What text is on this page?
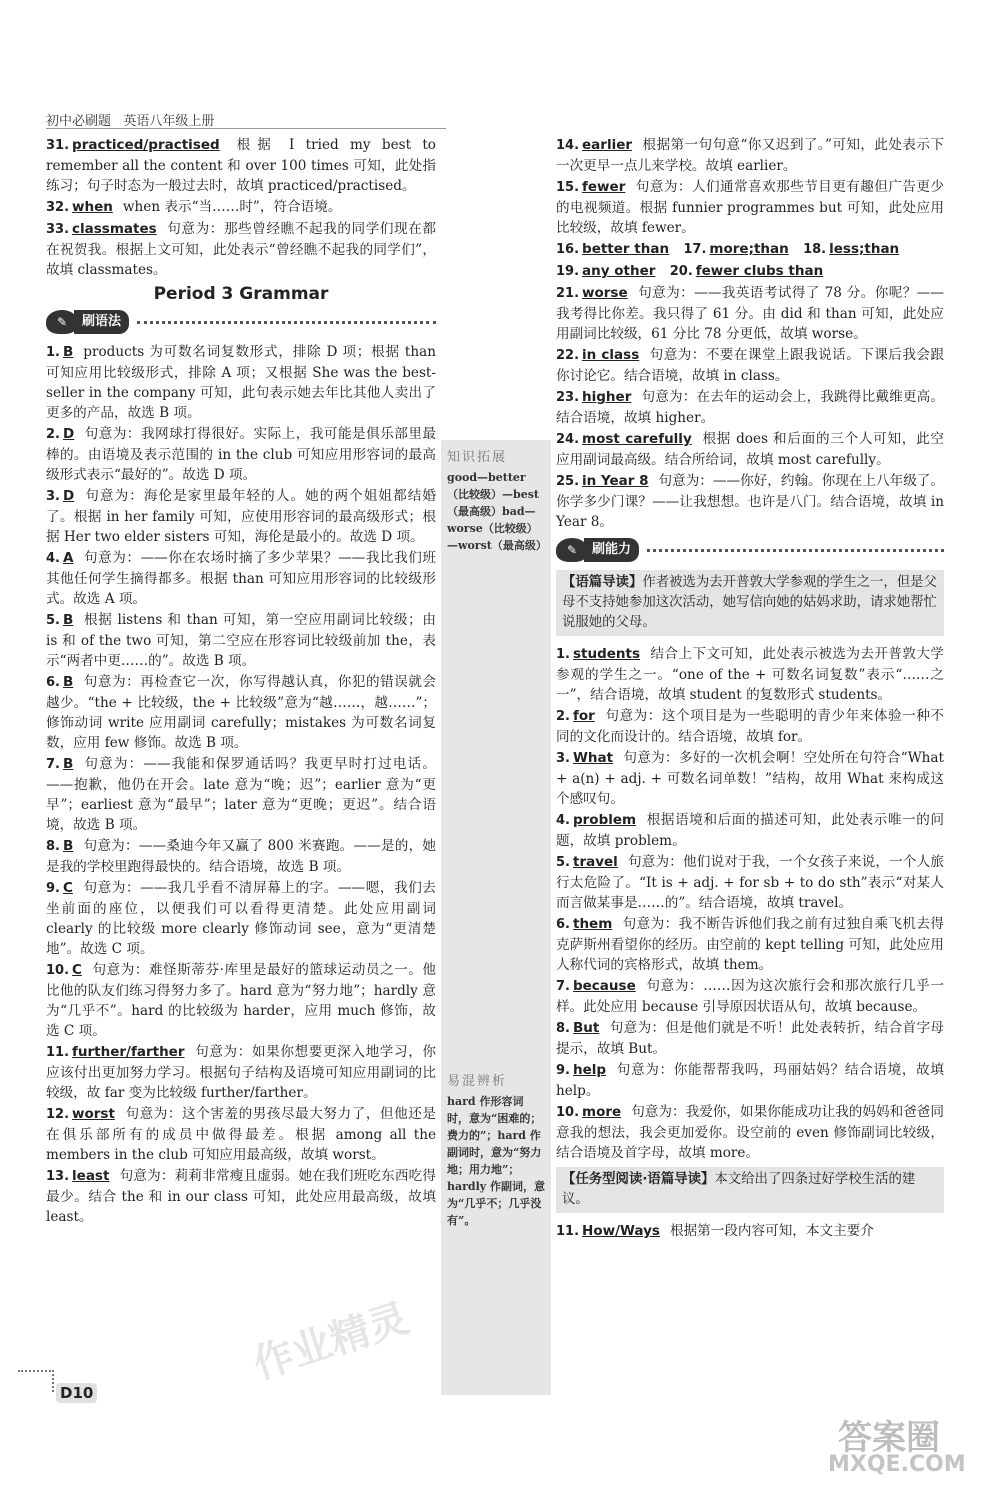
初中必刷题 英语八年级上册
知识拓展
good—better（比较级）—best（最高级）bad—worse（比较级）—worst（最高级）
易混辨析
hard 作形容词时，意为“困难的；费力的”；hard 作副词时，意为“努力地；用力地”；hardly 作副词，意为“几乎不；几乎没有”。
31. practiced/practised 根据 I tried my best to remember all the content 和 over 100 times 可知，此处指练习；句子时态为一般过去时，故填 practiced/practised。
32. when when 表示“当……时”，符合语境。
33. classmates 句意为：那些曾经瞧不起我的同学们现在都在祝贺我。根据上文可知，此处表示“曾经瞧不起我的同学们”，故填 classmates。
Period 3 Grammar
✎	刷语法
1. B products 为可数名词复数形式，排除 D 项；根据 than 可知应用比较级形式，排除 A 项；又根据 She was the best-seller in the company 可知，此句表示她去年比其他人卖出了更多的产品，故选 B 项。
2. D 句意为：我网球打得很好。实际上，我可能是俱乐部里最棒的。由语境及表示范围的 in the club 可知应用形容词的最高级形式表示“最好的”。故选 D 项。
3. D 句意为：海伦是家里最年轻的人。她的两个姐姐都结婚了。根据 in her family 可知，应使用形容词的最高级形式；根据 Her two elder sisters 可知，海伦是最小的。故选 D 项。
4. A 句意为：——你在农场时摘了多少苹果？——我比我们班其他任何学生摘得都多。根据 than 可知应用形容词的比较级形式。故选 A 项。
5. B 根据 listens 和 than 可知，第一空应用副词比较级；由 is 和 of the two 可知，第二空应在形容词比较级前加 the，表示“两者中更……的”。故选 B 项。
6. B 句意为：再检查它一次，你写得越认真，你犯的错误就会越少。“the + 比较级，the + 比较级”意为“越……，越……”；修饰动词 write 应用副词 carefully；mistakes 为可数名词复数，应用 few 修饰。故选 B 项。
7. B 句意为：——我能和保罗通话吗？我更早时打过电话。——抱歉，他仍在开会。late 意为“晚；迟”；earlier 意为“更早”；earliest 意为“最早”；later 意为“更晚；更迟”。结合语境，故选 B 项。
8. B 句意为：——桑迪今年又赢了 800 米赛跑。——是的，她是我的学校里跑得最快的。结合语境，故选 B 项。
9. C 句意为：——我几乎看不清屏幕上的字。——嗯，我们去坐前面的座位，以便我们可以看得更清楚。此处应用副词 clearly 的比较级 more clearly 修饰动词 see，意为“更清楚地”。故选 C 项。
10. C 句意为：难怪斯蒂芬·库里是最好的篮球运动员之一。他比他的队友们练习得努力多了。hard 意为“努力地”；hardly 意为“几乎不”。hard 的比较级为 harder，应用 much 修饰，故选 C 项。
11. further/farther 句意为：如果你想要更深入地学习，你应该付出更加努力学习。根据句子结构及语境可知应用副词的比较级，故 far 变为比较级 further/farther。
12. worst 句意为：这个害羞的男孩尽最大努力了，但他还是在俱乐部所有的成员中做得最差。根据 among all the members in the club 可知应用最高级，故填 worst。
13. least 句意为：莉莉非常瘦且虚弱。她在我们班吃东西吃得最少。结合 the 和 in our class 可知，此处应用最高级，故填 least。
14. earlier 根据第一句句意“你又迟到了。”可知，此处表示下一次更早一点儿来学校。故填 earlier。
15. fewer 句意为：人们通常喜欢那些节目更有趣但广告更少的电视频道。根据 funnier programmes but 可知，此处应用比较级，故填 fewer。
16. better than 17. more;than 18. less;than
19. any other 20. fewer clubs than
21. worse 句意为：——我英语考试得了 78 分。你呢？——我考得比你差。我只得了 61 分。由 did 和 than 可知，此处应用副词比较级，61 分比 78 分更低，故填 worse。
22. in class 句意为：不要在课堂上跟我说话。下课后我会跟你讨论它。结合语境，故填 in class。
23. higher 句意为：在去年的运动会上，我跳得比戴维更高。结合语境，故填 higher。
24. most carefully 根据 does 和后面的三个人可知，此空应用副词最高级。结合所给词，故填 most carefully。
25. in Year 8 句意为：——你好，约翰。你现在上八年级了。你学多少门课？——让我想想。也许是八门。结合语境，故填 in Year 8。
✎	刷能力
【语篇导读】作者被选为去开普敦大学参观的学生之一，但是父母不支持她参加这次活动，她写信向她的姑妈求助，请求她帮忙说服她的父母。
1. students 结合上下文可知，此处表示被选为去开普敦大学参观的学生之一。“one of the + 可数名词复数”表示“……之一”，结合语境，故填 student 的复数形式 students。
2. for 句意为：这个项目是为一些聪明的青少年来体验一种不同的文化而设计的。结合语境，故填 for。
3. What 句意为：多好的一次机会啊！空处所在句符合“What + a(n) + adj. + 可数名词单数！”结构，故用 What 来构成这个感叹句。
4. problem 根据语境和后面的描述可知，此处表示唯一的问题，故填 problem。
5. travel 句意为：他们说对于我，一个女孩子来说，一个人旅行太危险了。“It is + adj. + for sb + to do sth”表示“对某人而言做某事是……的”。结合语境，故填 travel。
6. them 句意为：我不断告诉他们我之前有过独自乘飞机去得克萨斯州看望你的经历。由空前的 kept telling 可知，此处应用人称代词的宾格形式，故填 them。
7. because 句意为：……因为这次旅行会和那次旅行几乎一样。此处应用 because 引导原因状语从句，故填 because。
8. But 句意为：但是他们就是不听！此处表转折，结合首字母提示，故填 But。
9. help 句意为：你能帮帮我吗，玛丽姑妈？结合语境，故填 help。
10. more 句意为：我爱你，如果你能成功让我的妈妈和爸爸同意我的想法，我会更加爱你。设空前的 even 修饰副词比较级，结合语境及首字母，故填 more。
【任务型阅读·语篇导读】本文给出了四条过好学校生活的建议。
11. How/Ways 根据第一段内容可知，本文主要介
D10
答案圈
MXQE.COM
作业精灵
